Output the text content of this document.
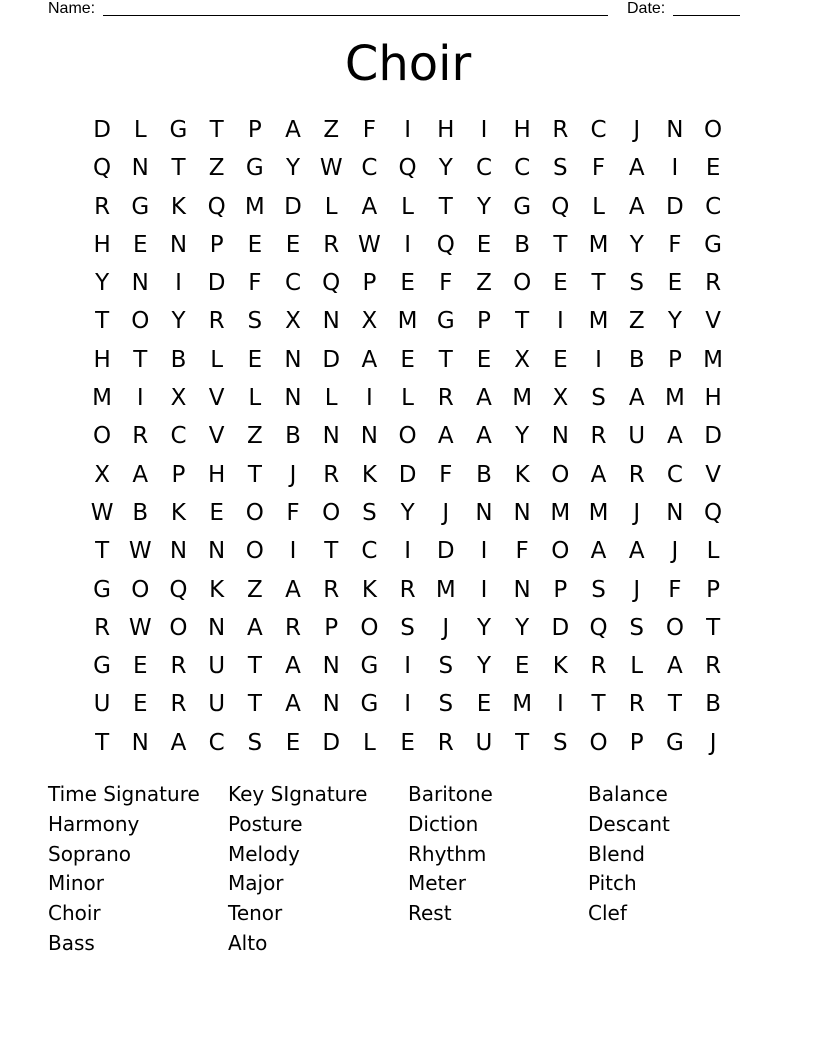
Name:	Date:
Choir
D L G T	P	A Z	F	I	H	I	H R C	J	N O
Q N T	Z G Y W C Q Y	C C S	F	A	I	E
R G K Q M D L	A	L	T	Y G Q L	A D C
H E N P	E	E R W	I	Q E	B	T M Y	F G
Y N	I	D F	C Q P	E	F	Z O E	T	S	E R
T O Y	R S	X N X M G P	T	I	M Z	Y	V
H T	B	L	E N D A	E	T	E	X	E	I	B	P M
M	I	X V	L	N	L	I	L	R A M X	S	A M H
O R C V Z B N N O A A	Y N R U A D
X A	P H T	J	R K D F	B K O A R C V
W B K	E O F O S	Y	J	N N M M	J	N Q
T W N N O	I	T	C	I	D	I	F O A A	J	L
G O Q K Z A R K R M	I	N P	S	J	F	P
R W O N A R	P O S	J	Y	Y D Q S O T
G E R U T	A N G	I	S	Y	E	K R	L	A R
U E R U T	A N G	I	S	E M	I	T	R	T	B
T N A C S	E D L	E R U T	S O P G	J
Time Signature	Key SIgnature	Baritone	Balance
Harmony	Posture	Diction	Descant
Soprano	Melody	Rhythm	Blend
Minor	Major	Meter	Pitch
Choir	Tenor	Rest	Clef
Bass	Alto
